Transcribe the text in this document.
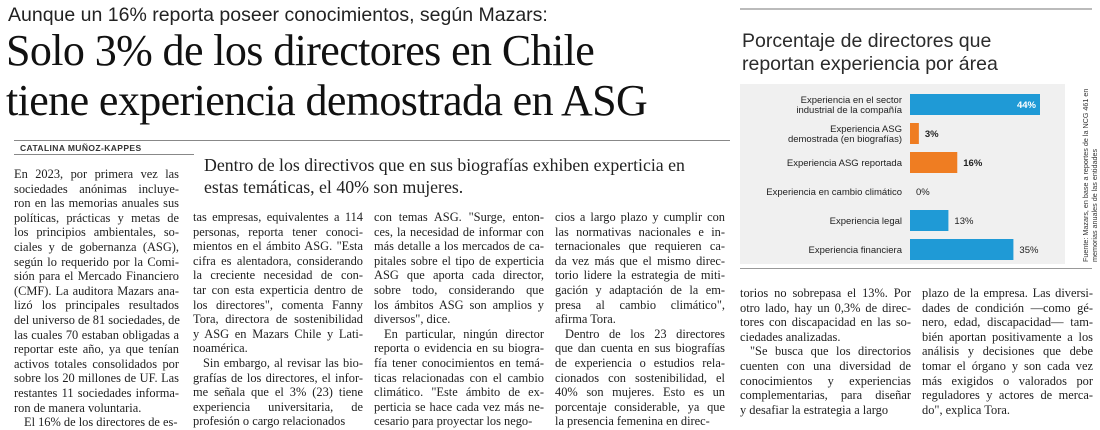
Aunque un 16% reporta poseer conocimientos, según Mazars:
Solo 3% de los directores en Chile
tiene experiencia demostrada en ASG
CATALINA MUÑOZ-KAPPES
Dentro de los directivos que en sus biografías exhiben experticia en estas temáticas, el 40% son mujeres.
En 2023, por primera vez las
sociedades anónimas incluye-
ron en las memorias anuales sus
políticas, prácticas y metas de
los principios ambientales, so-
ciales y de gobernanza (ASG),
según lo requerido por la Comi-
sión para el Mercado Financiero
(CMF). La auditora Mazars ana-
lizó los principales resultados
del universo de 81 sociedades, de
las cuales 70 estaban obligadas a
reportar este año, ya que tenían
activos totales consolidados por
sobre los 20 millones de UF. Las
restantes 11 sociedades informa-
ron de manera voluntaria.
El 16% de los directores de es-
tas empresas, equivalentes a 114
personas, reporta tener conoci-
mientos en el ámbito ASG. "Esta
cifra es alentadora, considerando
la creciente necesidad de con-
tar con esta experticia dentro de
los directores", comenta Fanny
Tora, directora de sostenibilidad
y ASG en Mazars Chile y Lati-
noamérica.
Sin embargo, al revisar las bio-
grafías de los directores, el infor-
me señala que el 3% (23) tiene
experiencia universitaria, de
profesión o cargo relacionados
con temas ASG. "Surge, enton-
ces, la necesidad de informar con
más detalle a los mercados de ca-
pitales sobre el tipo de experticia
ASG que aporta cada director,
sobre todo, considerando que
los ámbitos ASG son amplios y
diversos", dice.
En particular, ningún director
reporta o evidencia en su biogra-
fía tener conocimientos en temá-
ticas relacionadas con el cambio
climático. "Este ámbito de ex-
perticia se hace cada vez más ne-
cesario para proyectar los nego-
cios a largo plazo y cumplir con
las normativas nacionales e in-
ternacionales que requieren ca-
da vez más que el mismo direc-
torio lidere la estrategia de miti-
gación y adaptación de la em-
presa al cambio climático",
afirma Tora.
Dentro de los 23 directores
que dan cuenta en sus biografías
de experiencia o estudios rela-
cionados con sostenibilidad, el
40% son mujeres. Esto es un
porcentaje considerable, ya que
la presencia femenina en direc-
torios no sobrepasa el 13%. Por
otro lado, hay un 0,3% de direc-
tores con discapacidad en las so-
ciedades analizadas.
"Se busca que los directorios
cuenten con una diversidad de
conocimientos y experiencias
complementarias, para diseñar
y desafiar la estrategia a largo
plazo de la empresa. Las diversi-
dades de condición —como gé-
nero, edad, discapacidad— tam-
bién aportan positivamente a los
análisis y decisiones que debe
tomar el órgano y son cada vez
más exigidos o valorados por
reguladores y actores de merca-
do", explica Tora.
Porcentaje de directores que reportan experiencia por área
Experiencia en el sector
industrial de la compañía	44%
Experiencia ASG
demostrada (en biografías) 3%
Experiencia ASG reportada	16%
Experiencia en cambio climático 0%
Experiencia legal	13%
Experiencia financiera	35%	Fuente: Mazars, en base a reportes de la NCG 461 en memorias anuales de las entidades
